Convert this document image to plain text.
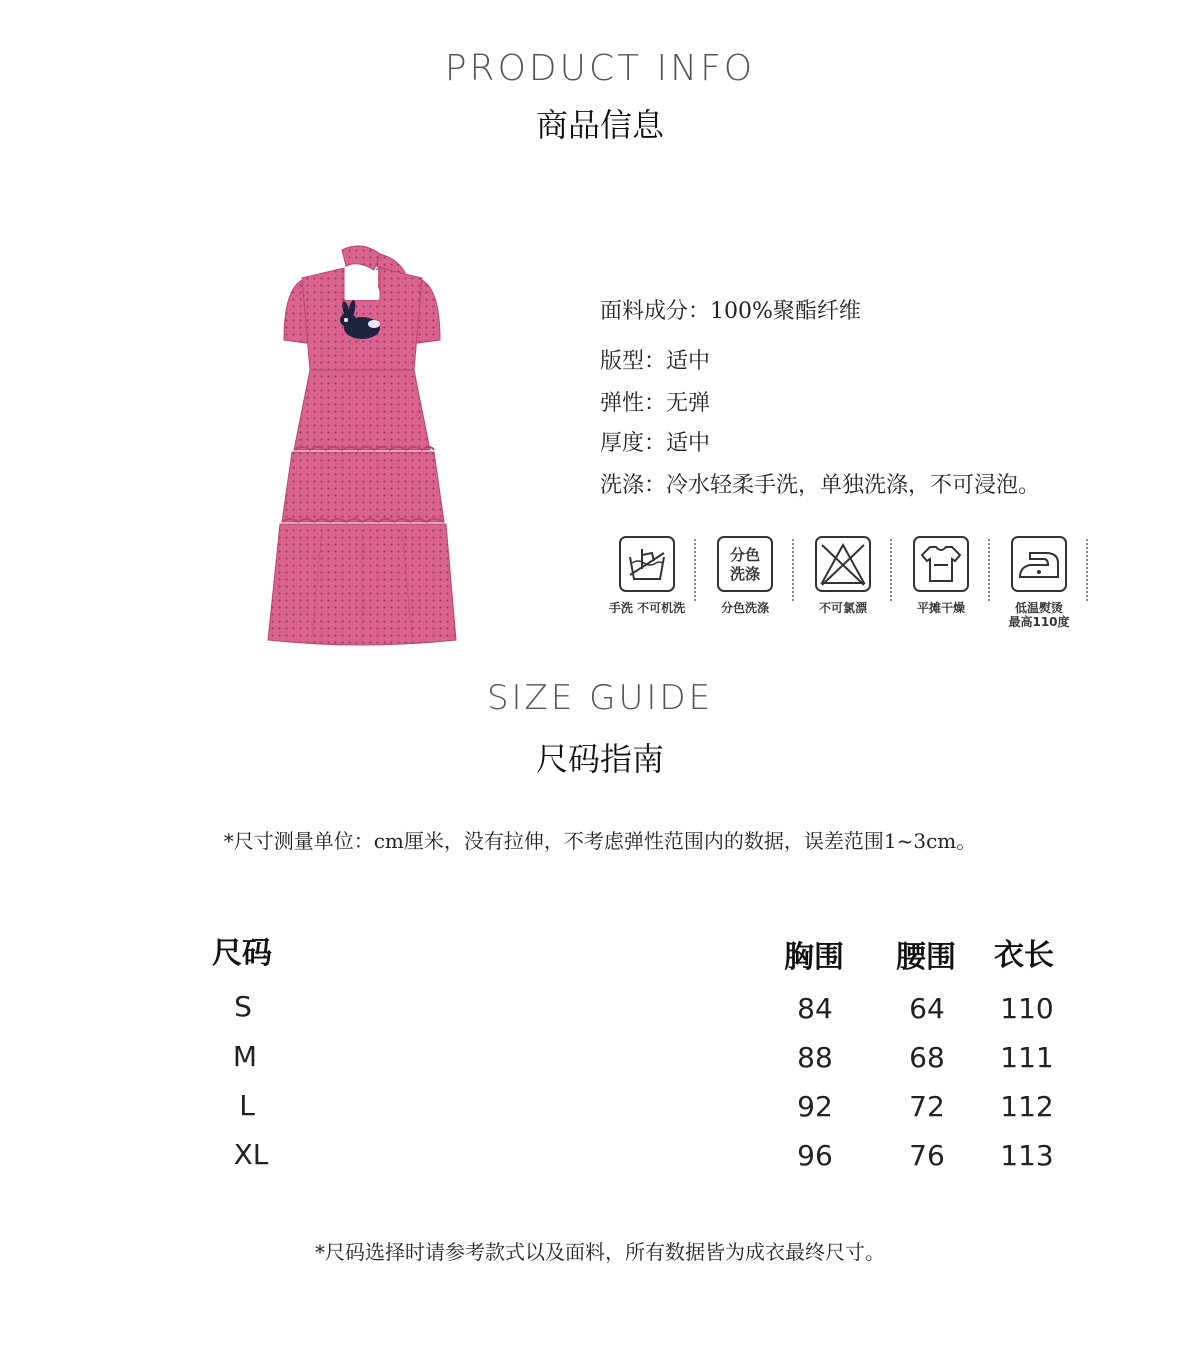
PRODUCT INFO
商品信息
面料成分：100%聚酯纤维
版型：适中
弹性：无弹
厚度：适中
洗涤：冷水轻柔手洗，单独洗涤，不可浸泡。
手洗 不可机洗
分色
洗涤
分色洗涤	不可氯漂	平摊干燥	低温熨烫
最高110度
SIZE GUIDE
尺码指南
*尺寸测量单位：cm厘米，没有拉伸，不考虑弹性范围内的数据，误差范围1~3cm。
尺码	胸围 腰围 衣长
S	84	64	110
M	88	68	111
L	92	72	112
XL	96	76	113
*尺码选择时请参考款式以及面料，所有数据皆为成衣最终尺寸。
